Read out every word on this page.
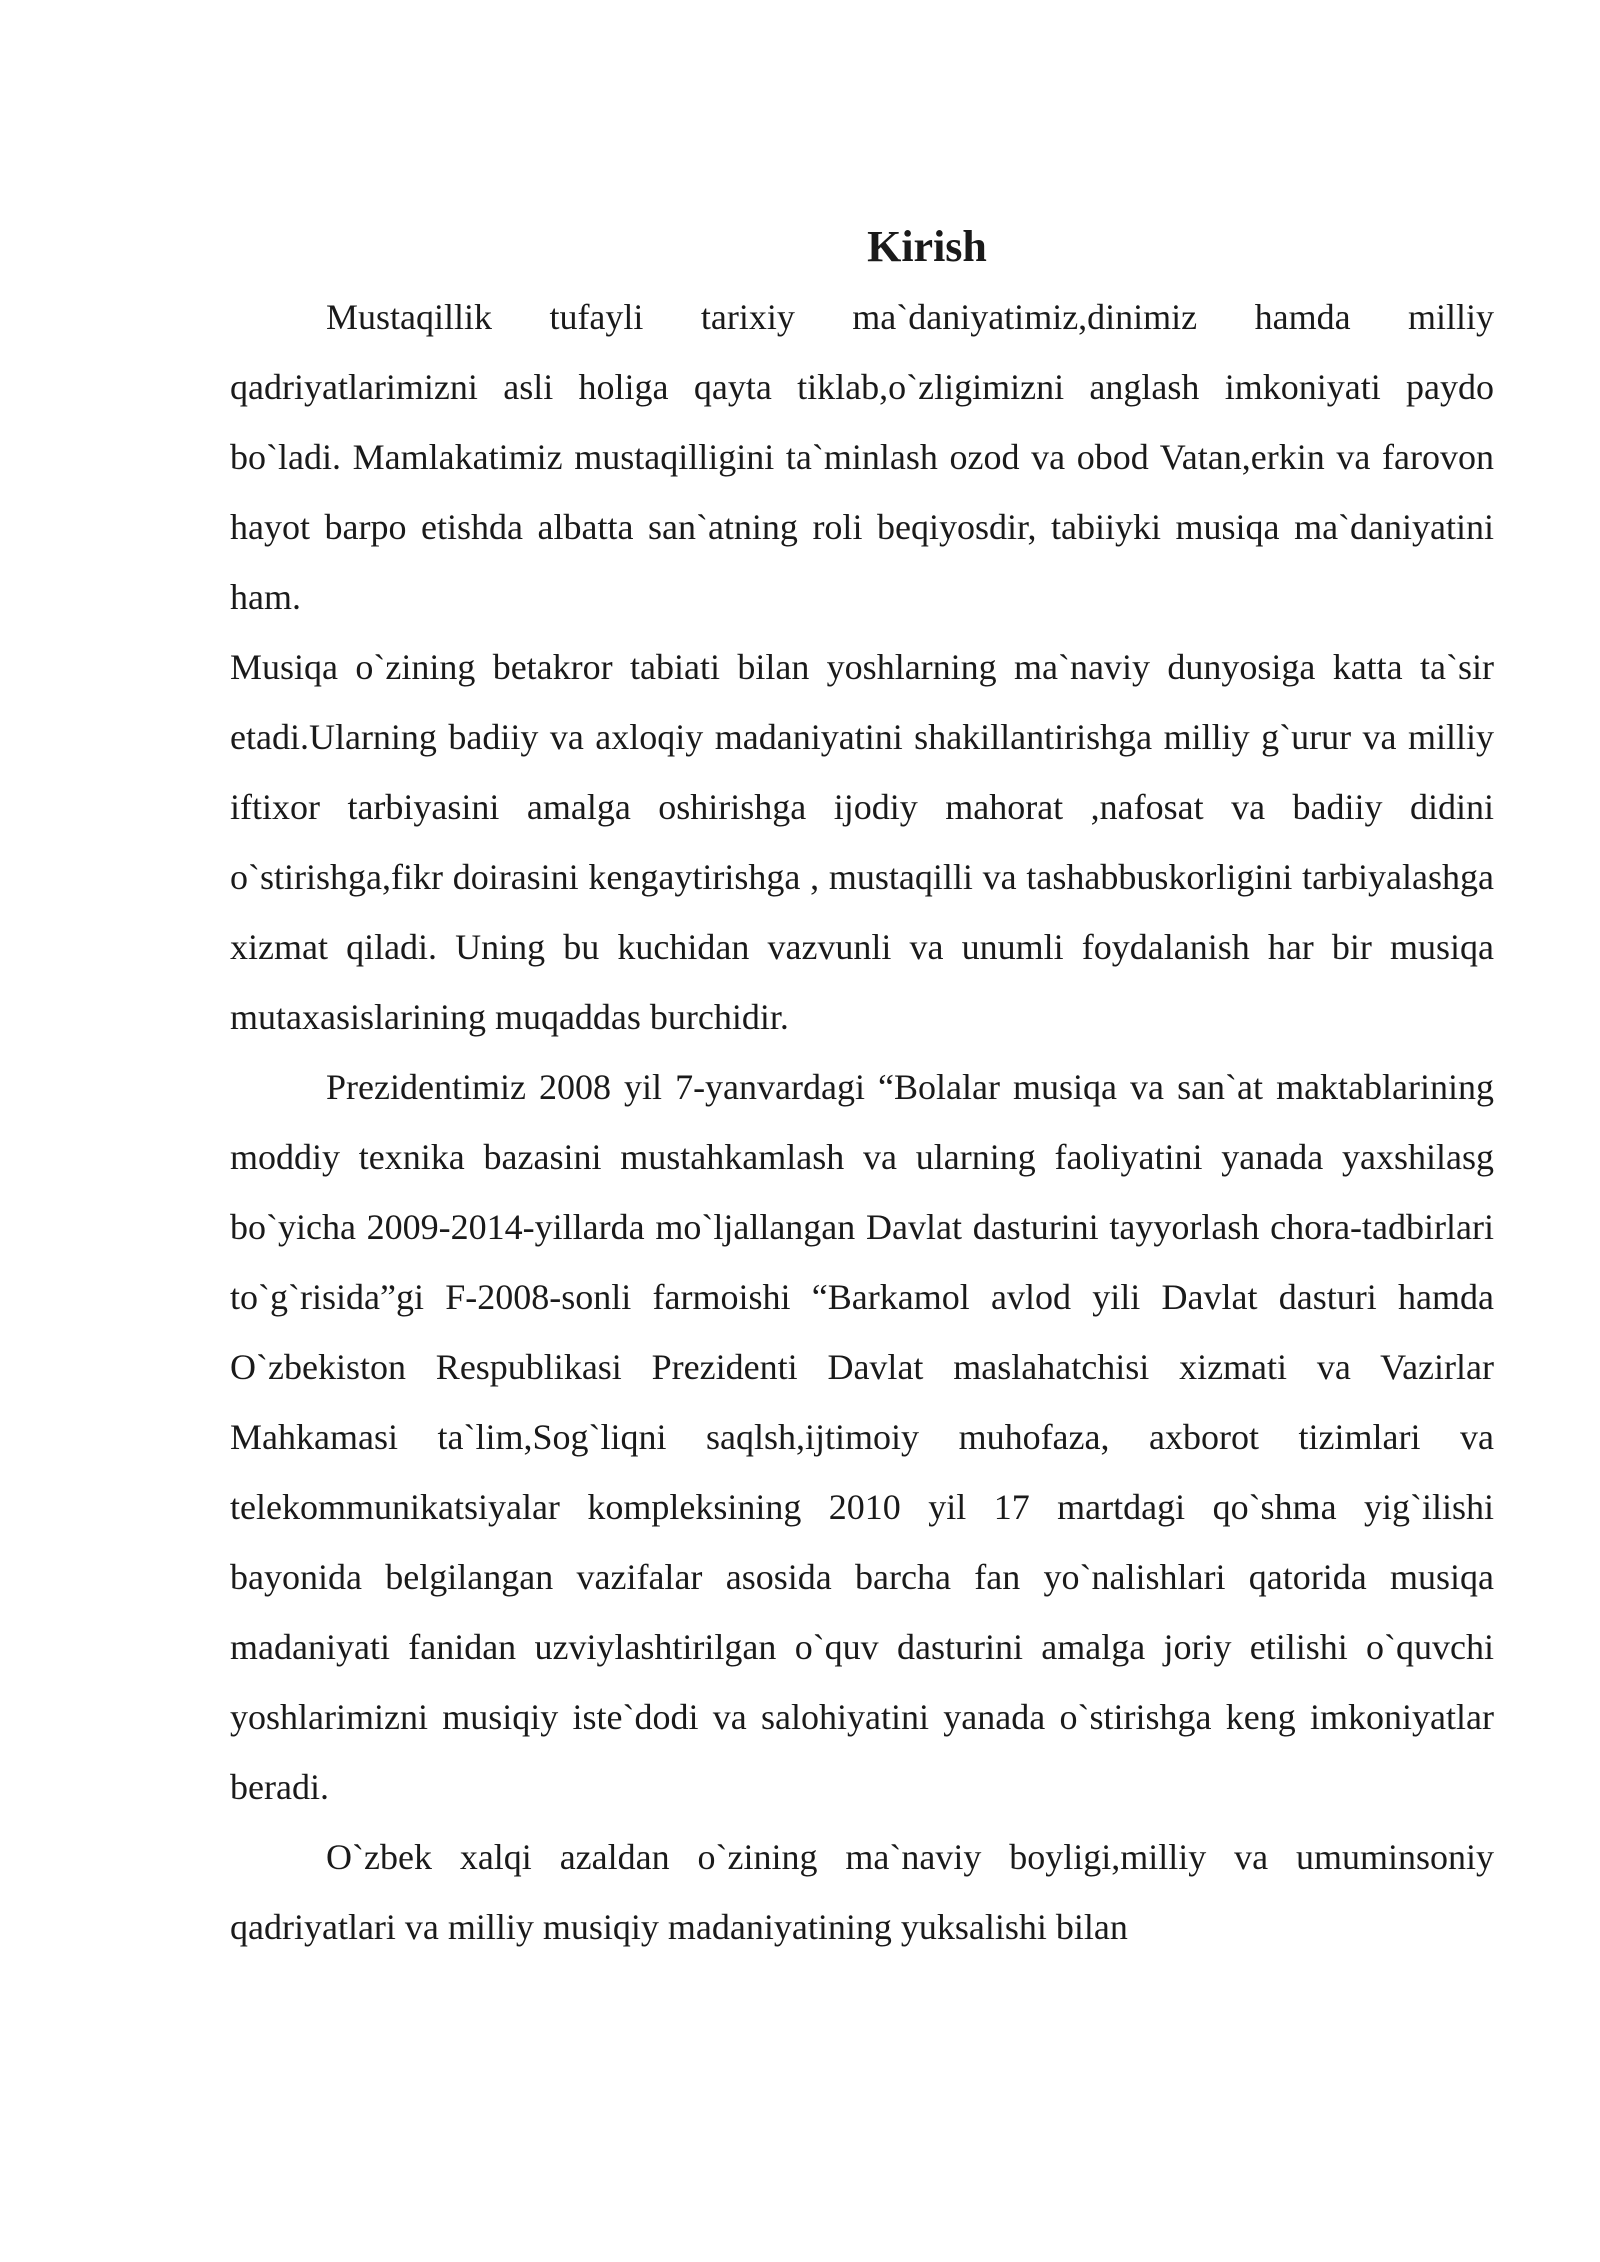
Kirish

Mustaqillik tufayli tarixiy ma`daniyatimiz,dinimiz hamda milliy qadriyatlarimizni asli holiga qayta tiklab,o`zligimizni anglash imkoniyati paydo bo`ladi. Mamlakatimiz mustaqilligini ta`minlash ozod va obod Vatan,erkin va farovon hayot barpo etishda albatta san`atning roli beqiyosdir, tabiiyki musiqa ma`daniyatini ham.

Musiqa o`zining betakror tabiati bilan yoshlarning ma`naviy dunyosiga katta ta`sir etadi.Ularning badiiy va axloqiy madaniyatini shakillantirishga milliy g`urur va milliy iftixor tarbiyasini amalga oshirishga ijodiy mahorat ,nafosat va badiiy didini o`stirishga,fikr doirasini kengaytirishga , mustaqilli va tashabbuskorligini tarbiyalashga xizmat qiladi. Uning bu kuchidan vazvunli va unumli foydalanish har bir musiqa mutaxasislarining muqaddas burchidir.

Prezidentimiz 2008 yil 7-yanvardagi “Bolalar musiqa va san`at maktablarining moddiy texnika bazasini mustahkamlash va ularning faoliyatini yanada yaxshilasg bo`yicha 2009-2014-yillarda mo`ljallangan Davlat dasturini tayyorlash chora-tadbirlari to`g`risida”gi F-2008-sonli farmoishi “Barkamol avlod yili Davlat dasturi hamda O`zbekiston Respublikasi Prezidenti Davlat maslahatchisi xizmati va Vazirlar Mahkamasi ta`lim,Sog`liqni saqlsh,ijtimoiy muhofaza, axborot tizimlari va telekommunikatsiyalar kompleksining 2010 yil 17 martdagi qo`shma yig`ilishi bayonida belgilangan vazifalar asosida barcha fan yo`nalishlari qatorida musiqa madaniyati fanidan uzviylashtirilgan o`quv dasturini amalga joriy etilishi o`quvchi yoshlarimizni musiqiy iste`dodi va salohiyatini yanada o`stirishga keng imkoniyatlar beradi.

O`zbek xalqi azaldan o`zining ma`naviy boyligi,milliy va umuminsoniy qadriyatlari va milliy musiqiy madaniyatining yuksalishi bilan
